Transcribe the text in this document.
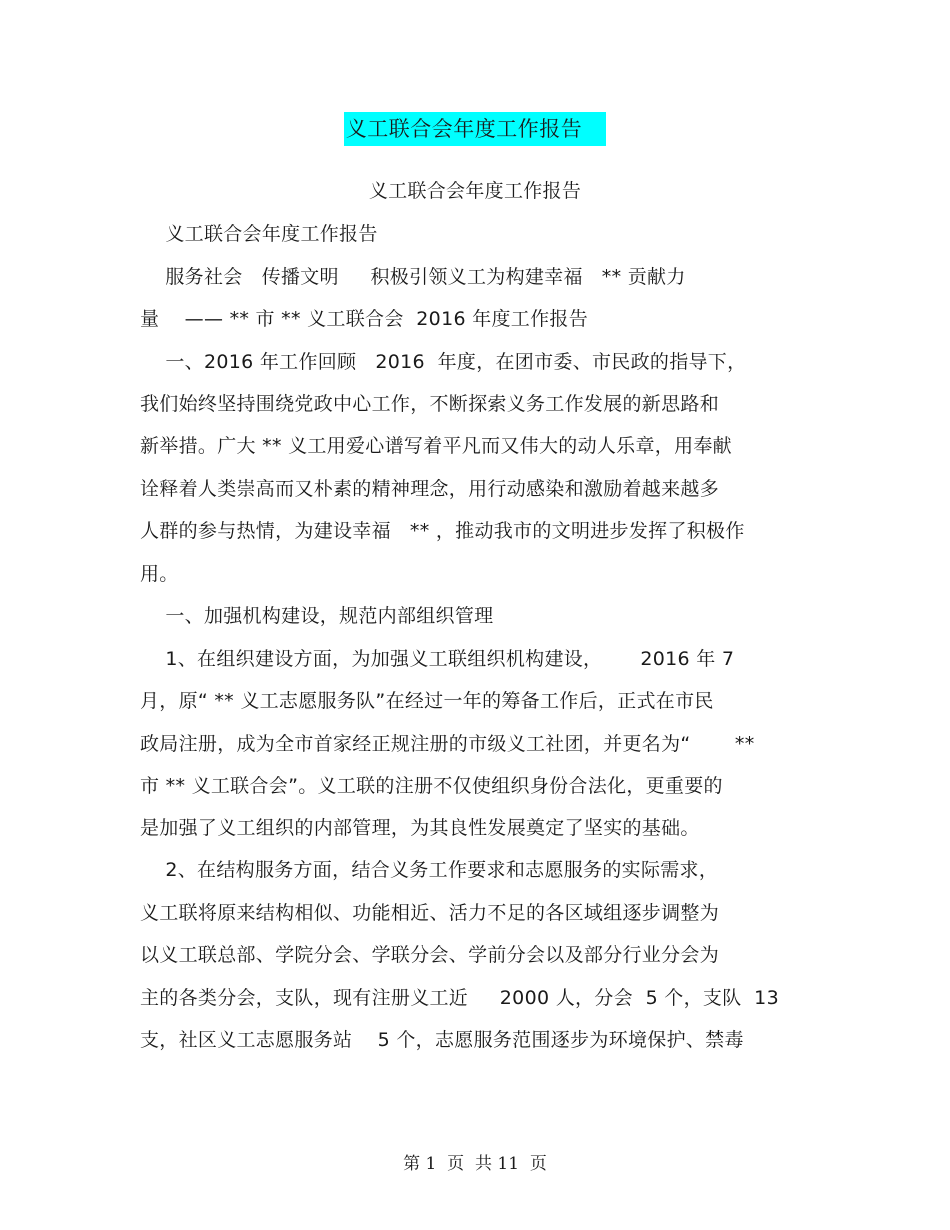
义工联合会年度工作报告
义工联合会年度工作报告
义工联合会年度工作报告
服务社会   传播文明     积极引领义工为构建幸福   ** 贡献力
量    —— ** 市 ** 义工联合会  2016 年度工作报告
一、2016 年工作回顾   2016  年度，在团市委、市民政的指导下，
我们始终坚持围绕党政中心工作，不断探索义务工作发展的新思路和
新举措。广大 ** 义工用爱心谱写着平凡而又伟大的动人乐章，用奉献
诠释着人类崇高而又朴素的精神理念，用行动感染和激励着越来越多
人群的参与热情，为建设幸福   ** ，推动我市的文明进步发挥了积极作
用。
一、加强机构建设，规范内部组织管理
1、在组织建设方面，为加强义工联组织机构建设，      2016 年 7
月，原“ ** 义工志愿服务队”在经过一年的筹备工作后，正式在市民
政局注册，成为全市首家经正规注册的市级义工社团，并更名为“       **
市 ** 义工联合会”。义工联的注册不仅使组织身份合法化，更重要的
是加强了义工组织的内部管理，为其良性发展奠定了坚实的基础。
2、在结构服务方面，结合义务工作要求和志愿服务的实际需求，
义工联将原来结构相似、功能相近、活力不足的各区域组逐步调整为
以义工联总部、学院分会、学联分会、学前分会以及部分行业分会为
主的各类分会，支队，现有注册义工近     2000 人，分会  5 个，支队  13
支，社区义工志愿服务站    5 个，志愿服务范围逐步为环境保护、禁毒
第 1  页  共 11  页
